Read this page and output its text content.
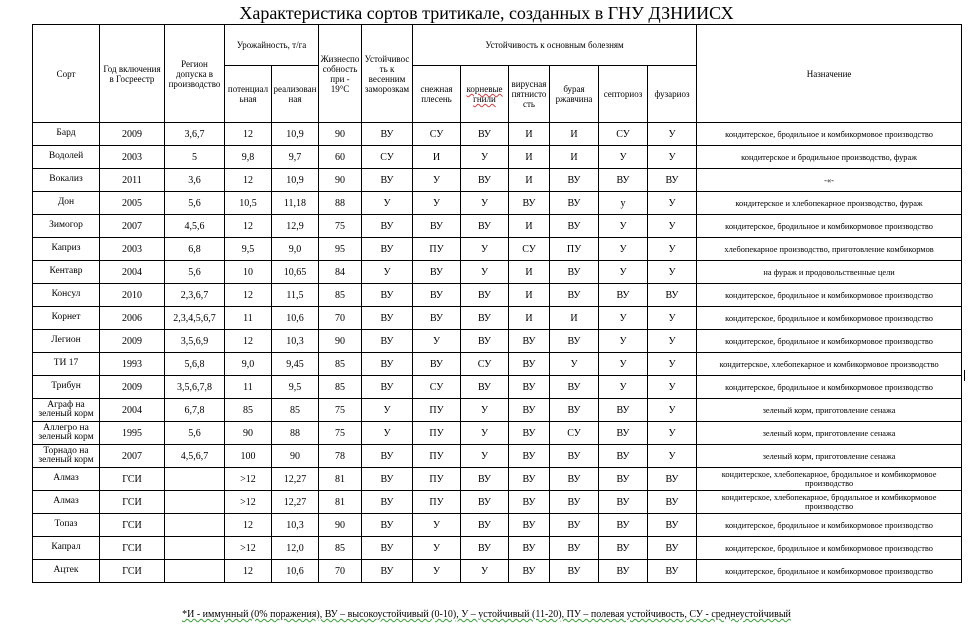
Характеристика сортов тритикале, созданных в ГНУ ДЗНИИСХ
Сорт	Год включения в Госреестр	Регион допуска в производство	Урожайность, т/га		Жизнеспособность при - 19°С	Устойчивость к весенним заморозкам	Устойчивость к основным болезням						Назначение
			потенциальная	реализованная			снежная плесень	корневые гнили	вирусная пятнистость	бурая ржавчина	септориоз	фузариоз	
Бард	2009	3,6,7	12	10,9	90	ВУ	СУ	ВУ	И	И	СУ	У	кондитерское, бродильное и комбикормовое производство
Водолей	2003	5	9,8	9,7	60	СУ	И	У	И	И	У	У	кондитерское и бродильное производство, фураж
Вокализ	2011	3,6	12	10,9	90	ВУ	У	ВУ	И	ВУ	ВУ	ВУ	-«-
Дон	2005	5,6	10,5	11,18	88	У	У	У	ВУ	ВУ	у	У	кондитерское и хлебопекарное производство, фураж
Зимогор	2007	4,5,6	12	12,9	75	ВУ	ВУ	ВУ	И	ВУ	У	У	кондитерское, бродильное и комбикормовое производство
Каприз	2003	6,8	9,5	9,0	95	ВУ	ПУ	У	СУ	ПУ	У	У	хлебопекарное производство, приготовление комбикормов
Кентавр	2004	5,6	10	10,65	84	У	ВУ	У	И	ВУ	У	У	на фураж и продовольственные цели
Консул	2010	2,3,6,7	12	11,5	85	ВУ	ВУ	ВУ	И	ВУ	ВУ	ВУ	кондитерское, бродильное и комбикормовое производство
Корнет	2006	2,3,4,5,6,7	11	10,6	70	ВУ	ВУ	ВУ	И	И	У	У	кондитерское, бродильное и комбикормовое производство
Легион	2009	3,5,6,9	12	10,3	90	ВУ	У	ВУ	ВУ	ВУ	У	У	кондитерское, бродильное и комбикормовое производство
ТИ 17	1993	5,6,8	9,0	9,45	85	ВУ	ВУ	СУ	ВУ	У	У	У	кондитерское, хлебопекарное и комбикормовое производство
Трибун	2009	3,5,6,7,8	11	9,5	85	ВУ	СУ	ВУ	ВУ	ВУ	У	У	кондитерское, бродильное и комбикормовое производство
Аграф на зеленый корм	2004	6,7,8	85	85	75	У	ПУ	У	ВУ	ВУ	ВУ	У	зеленый корм, приготовление сенажа
Аллегро на зеленый корм	1995	5,6	90	88	75	У	ПУ	У	ВУ	СУ	ВУ	У	зеленый корм, приготовление сенажа
Торнадо на зеленый корм	2007	4,5,6,7	100	90	78	ВУ	ПУ	У	ВУ	ВУ	ВУ	У	зеленый корм, приготовление сенажа
Алмаз	ГСИ		>12	12,27	81	ВУ	ПУ	ВУ	ВУ	ВУ	ВУ	ВУ	кондитерское, хлебопекарное, бродильное и комбикормовое производство
Алмаз	ГСИ		>12	12,27	81	ВУ	ПУ	ВУ	ВУ	ВУ	ВУ	ВУ	кондитерское, хлебопекарное, бродильное и комбикормовое производство
Топаз	ГСИ		12	10,3	90	ВУ	У	ВУ	ВУ	ВУ	ВУ	ВУ	кондитерское, бродильное и комбикормовое производство
Капрал	ГСИ		>12	12,0	85	ВУ	У	ВУ	ВУ	ВУ	ВУ	ВУ	кондитерское, бродильное и комбикормовое производство
Ацтек	ГСИ		12	10,6	70	ВУ	У	У	ВУ	ВУ	ВУ	ВУ	кондитерское, бродильное и комбикормовое производство
*И - иммунный (0% поражения), ВУ – высокоустойчивый (0-10), У – устойчивый (11-20), ПУ – полевая устойчивость, СУ - среднеустойчивый
